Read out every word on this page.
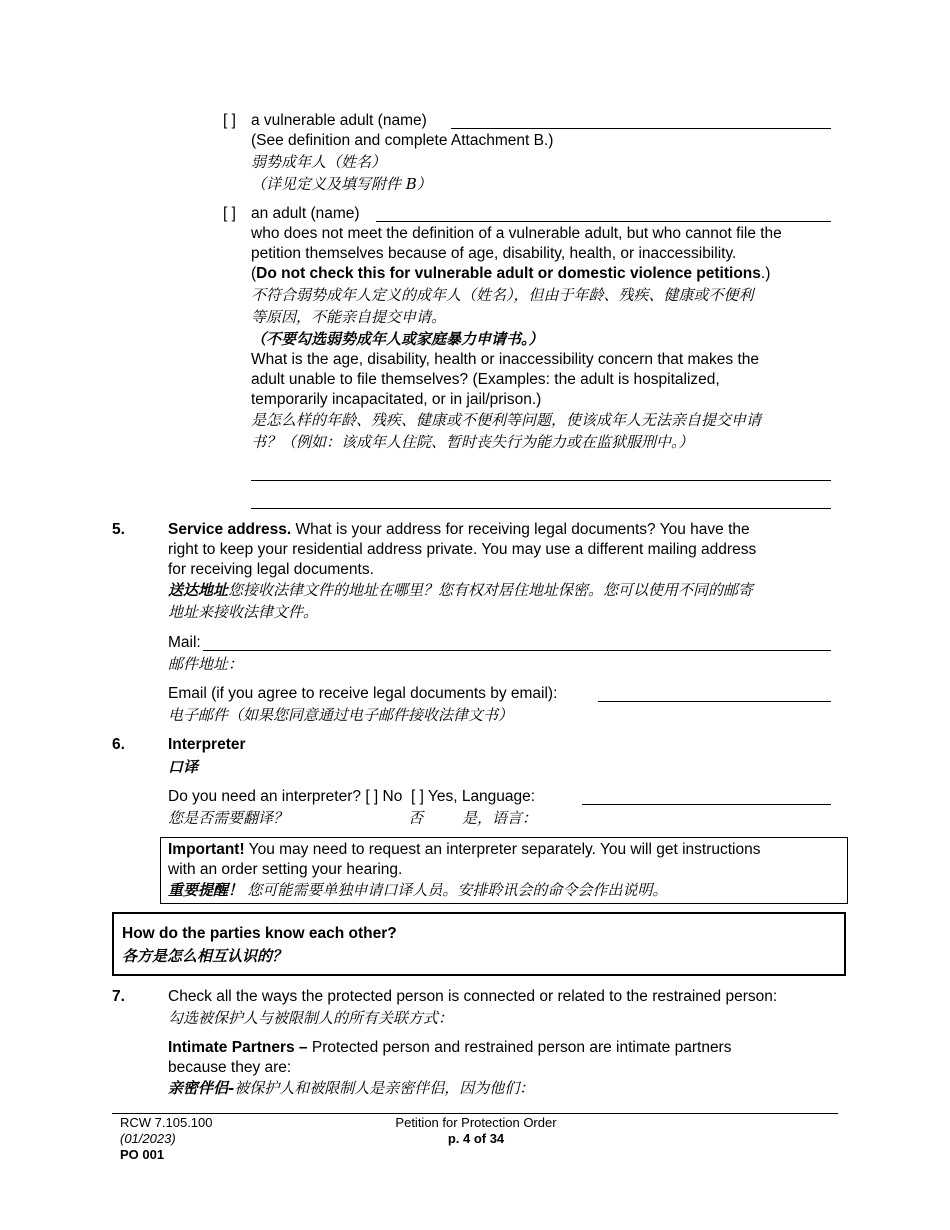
[ ] a vulnerable adult (name)
(See definition and complete Attachment B.)
弱势成年人（姓名）
（详见定义及填写附件 B）
[ ] an adult (name)
who does not meet the definition of a vulnerable adult, but who cannot file the
petition themselves because of age, disability, health, or inaccessibility.
(Do not check this for vulnerable adult or domestic violence petitions.)
不符合弱势成年人定义的成年人（姓名），但由于年龄、残疾、健康或不便利
等原因，不能亲自提交申请。
（不要勾选弱势成年人或家庭暴力申请书。）
What is the age, disability, health or inaccessibility concern that makes the
adult unable to file themselves? (Examples: the adult is hospitalized,
temporarily incapacitated, or in jail/prison.)
是怎么样的年龄、残疾、健康或不便利等问题，使该成年人无法亲自提交申请
书？（例如：该成年人住院、暂时丧失行为能力或在监狱服刑中。）
5.	Service address. What is your address for receiving legal documents? You have the
right to keep your residential address private. You may use a different mailing address
for receiving legal documents.
送达地址您接收法律文件的地址在哪里？您有权对居住地址保密。您可以使用不同的邮寄
地址来接收法律文件。
Mail:
邮件地址：
Email (if you agree to receive legal documents by email):
电子邮件（如果您同意通过电子邮件接收法律文书）
6.	Interpreter
口译
Do you need an interpreter? [ ] No  [ ] Yes, Language:
您是否需要翻译？	否	是，语言：
Important! You may need to request an interpreter separately. You will get instructions
with an order setting your hearing.
重要提醒！ 您可能需要单独申请口译人员。安排聆讯会的命令会作出说明。
How do the parties know each other?
各方是怎么相互认识的？
7.	Check all the ways the protected person is connected or related to the restrained person:
勾选被保护人与被限制人的所有关联方式：
Intimate Partners – Protected person and restrained person are intimate partners
because they are:
亲密伴侣-被保护人和被限制人是亲密伴侣，因为他们：
RCW 7.105.100
(01/2023)
PO 001
Petition for Protection Order
p. 4 of 34
